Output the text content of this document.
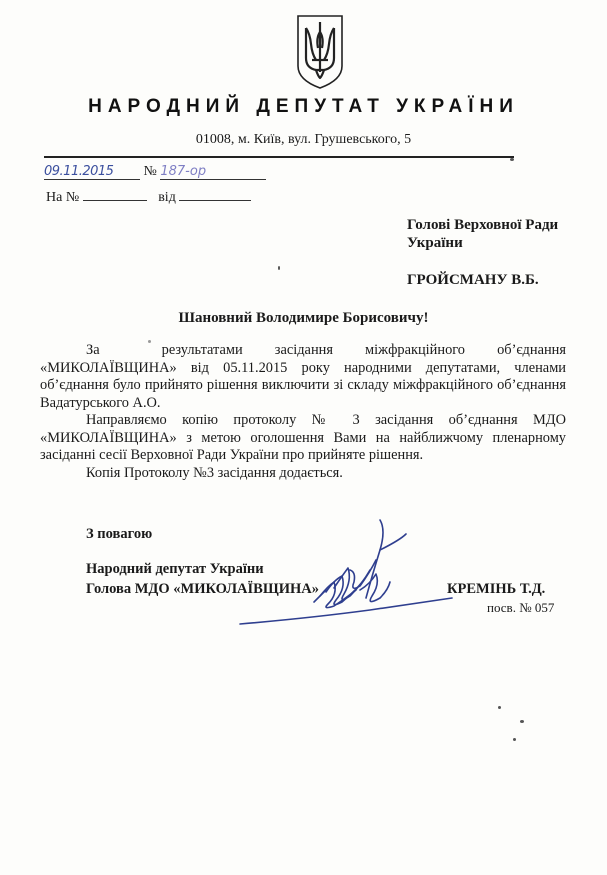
НАРОДНИЙ ДЕПУТАТ УКРАЇНИ
01008, м. Київ, вул. Грушевського, 5
09.11.2015 № 187-ор
На №	від
Голові Верховної Ради України
ГРОЙСМАНУ В.Б.
Шановний Володимире Борисовичу!

За	результатами засідання міжфракційного об’єднання «МИКОЛАЇВЩИНА» від 05.11.2015 року народними депутатами, членами об’єднання було прийнято рішення виключити зі складу міжфракційного об’єднання Вадатурського А.О.

Направляємо копію протоколу № 3 засідання об’єднання МДО «МИКОЛАЇВЩИНА» з метою оголошення Вами на найближчому пленарному засіданні сесії Верховної Ради України про прийняте рішення.

Копія Протоколу №3 засідання додається.

З повагою
Народний депутат України
Голова МДО «МИКОЛАЇВЩИНА»	КРЕМІНЬ Т.Д.
посв. № 057
